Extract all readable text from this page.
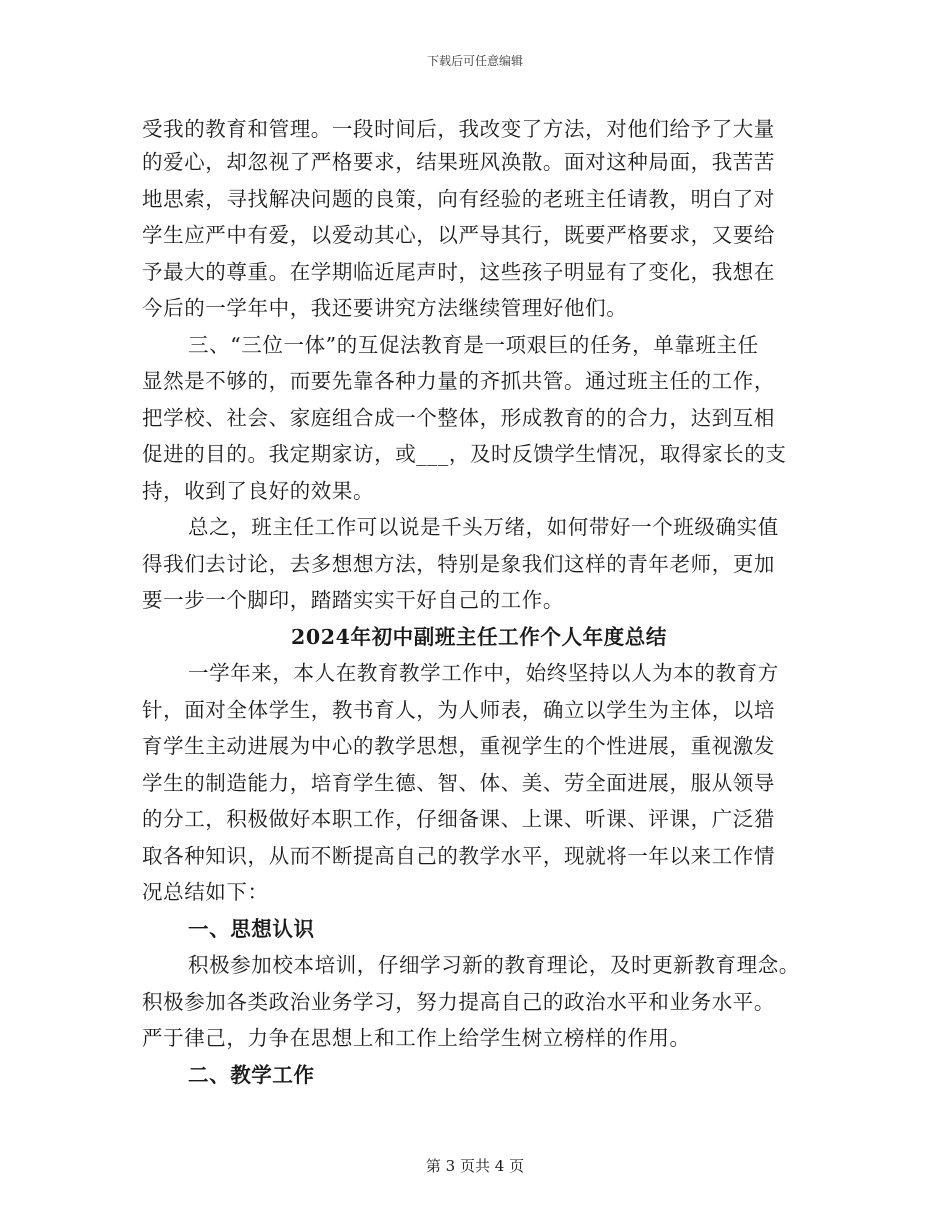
下载后可任意编辑
受我的教育和管理。一段时间后，我改变了方法，对他们给予了大量
的爱心，却忽视了严格要求，结果班风涣散。面对这种局面，我苦苦
地思索，寻找解决问题的良策，向有经验的老班主任请教，明白了对
学生应严中有爱，以爱动其心，以严导其行，既要严格要求，又要给
予最大的尊重。在学期临近尾声时，这些孩子明显有了变化，我想在
今后的一学年中，我还要讲究方法继续管理好他们。
三、“三位一体”的互促法教育是一项艰巨的任务，单靠班主任
显然是不够的，而要先靠各种力量的齐抓共管。通过班主任的工作，
把学校、社会、家庭组合成一个整体，形成教育的的合力，达到互相
促进的目的。我定期家访，或___，及时反馈学生情况，取得家长的支
持，收到了良好的效果。
总之，班主任工作可以说是千头万绪，如何带好一个班级确实值
得我们去讨论，去多想想方法，特别是象我们这样的青年老师，更加
要一步一个脚印，踏踏实实干好自己的工作。
2024年初中副班主任工作个人年度总结
一学年来，本人在教育教学工作中，始终坚持以人为本的教育方
针，面对全体学生，教书育人，为人师表，确立以学生为主体，以培
育学生主动进展为中心的教学思想，重视学生的个性进展，重视激发
学生的制造能力，培育学生德、智、体、美、劳全面进展，服从领导
的分工，积极做好本职工作，仔细备课、上课、听课、评课，广泛猎
取各种知识，从而不断提高自己的教学水平，现就将一年以来工作情
况总结如下：
一、思想认识
积极参加校本培训，仔细学习新的教育理论，及时更新教育理念。
积极参加各类政治业务学习，努力提高自己的政治水平和业务水平。
严于律己，力争在思想上和工作上给学生树立榜样的作用。
二、教学工作
第 3 页共 4 页
